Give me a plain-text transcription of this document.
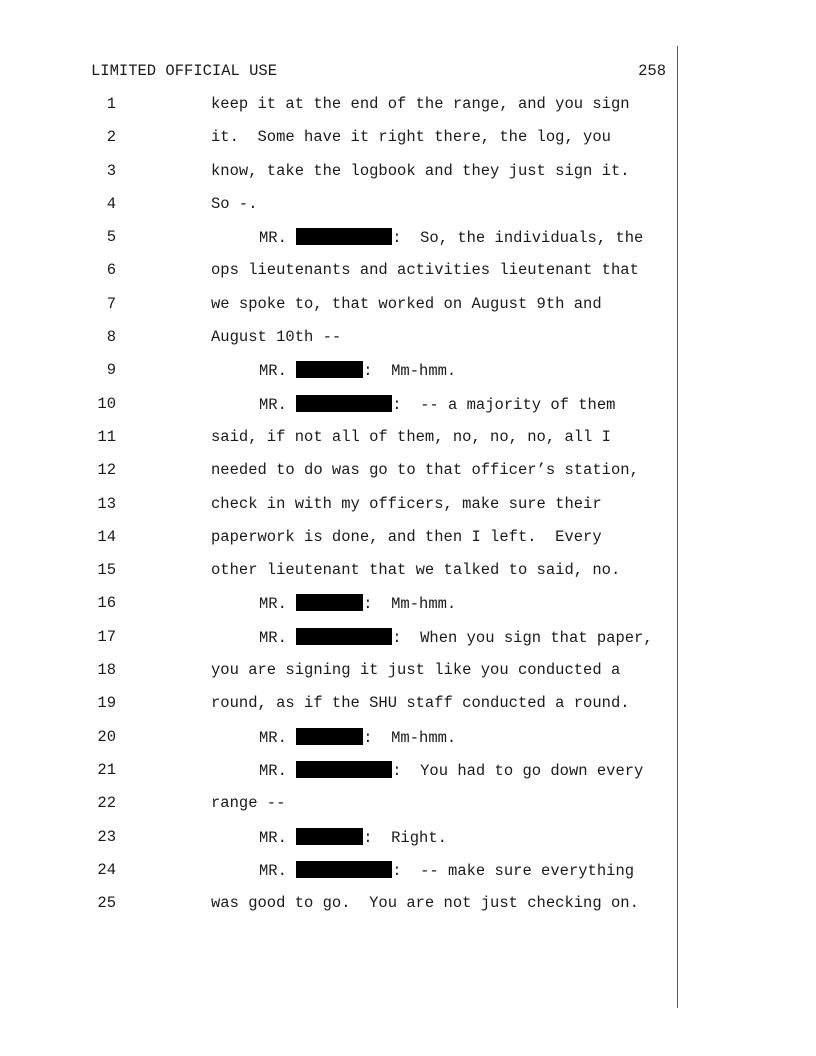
LIMITED OFFICIAL USE	258

1

	keep it at the end of the range, and you sign

2

	it.  Some have it right there, the log, you

3

	know, take the logbook and they just sign it.

4

	So -.

5

	MR.	:  So, the individuals, the

6

	ops lieutenants and activities lieutenant that

7

	we spoke to, that worked on August 9th and

8

	August 10th --

9

	MR.	:  Mm-hmm.

10

	MR.	:  -- a majority of them

11

	said, if not all of them, no, no, no, all I

12

	needed to do was go to that officer’s station,

13

	check in with my officers, make sure their

14

	paperwork is done, and then I left.  Every

15

	other lieutenant that we talked to said, no.

16

	MR.	:  Mm-hmm.

17

	MR.	:  When you sign that paper,

18

	you are signing it just like you conducted a

19

	round, as if the SHU staff conducted a round.

20

	MR.	:  Mm-hmm.

21

	MR.	:  You had to go down every

22

	range --

23

	MR.	:  Right.

24

	MR.	:  -- make sure everything

25

	was good to go.  You are not just checking on.
